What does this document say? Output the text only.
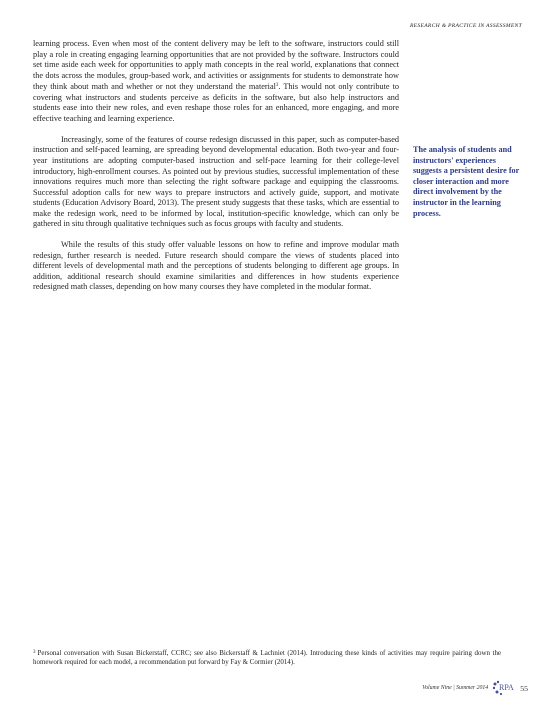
RESEARCH & PRACTICE IN ASSESSMENT

learning process. Even when most of the content delivery may be left to the software, instructors could still play a role in creating engaging learning opportunities that are not provided by the software. Instructors could set time aside each week for opportunities to apply math concepts in the real world, explanations that connect the dots across the modules, group-based work, and activities or assignments for students to demonstrate how they think about math and whether or not they understand the material$^3$. This would not only contribute to covering what instructors and students perceive as deficits in the software, but also help instructors and students ease into their new roles, and even reshape those roles for an enhanced, more engaging, and more effective teaching and learning experience.

Increasingly, some of the features of course redesign discussed in this paper, such as computer-based instruction and self-paced learning, are spreading beyond developmental education. Both two-year and four-year institutions are adopting computer-based instruction and self-pace learning for their college-level introductory, high-enrollment courses. As pointed out by previous studies, successful implementation of these innovations requires much more than selecting the right software package and equipping the classrooms. Successful adoption calls for new ways to prepare instructors and actively guide, support, and motivate students (Education Advisory Board, 2013). The present study suggests that these tasks, which are essential to make the redesign work, need to be informed by local, institution-specific knowledge, which can only be gathered in situ through qualitative techniques such as focus groups with faculty and students.

While the results of this study offer valuable lessons on how to refine and improve modular math redesign, further research is needed. Future research should compare the views of students placed into different levels of developmental math and the perceptions of students belonging to different age groups. In addition, additional research should examine similarities and differences in how students experience redesigned math classes, depending on how many courses they have completed in the modular format.

The analysis of students and instructors' experiences suggests a persistent desire for closer interaction and more direct involvement by the instructor in the learning process.
$^3$ Personal conversation with Susan Bickerstaff, CCRC; see also Bickerstaff & Lachniet (2014). Introducing these kinds of activities may require pairing down the homework required for each model, a recommendation put forward by Fay & Cormier (2014).
Volume Nine | Summer 2014 RPA 55
